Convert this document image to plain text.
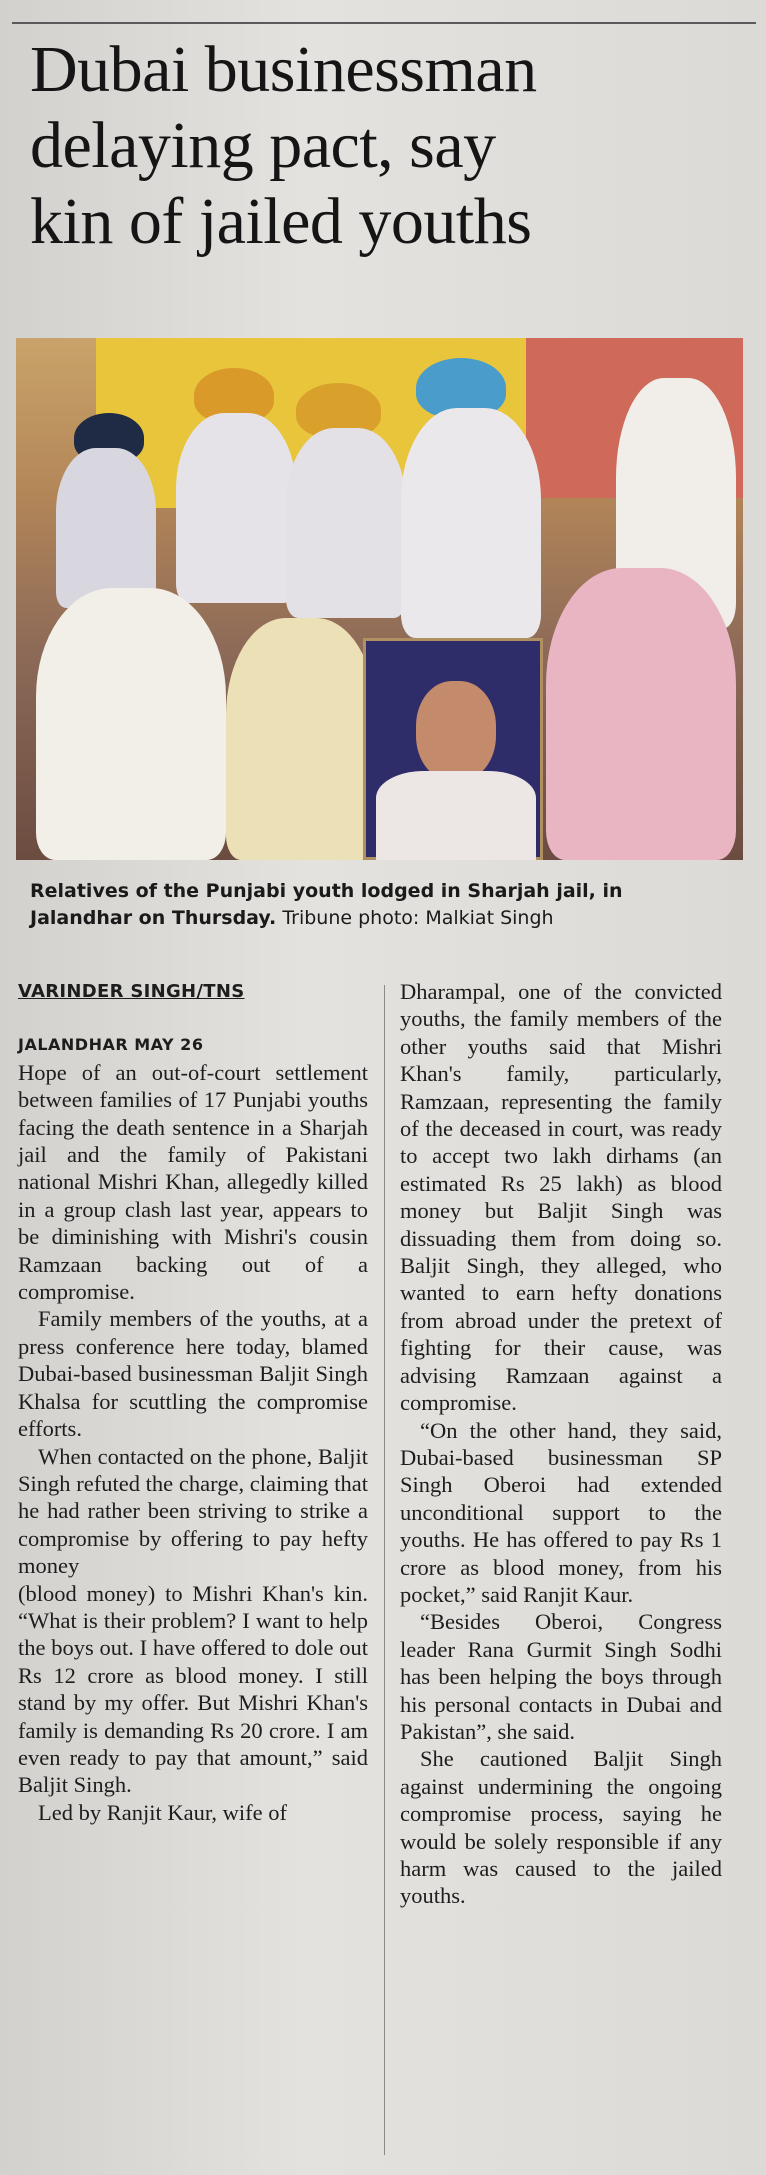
Dubai businessman
delaying pact, say
kin of jailed youths
Relatives of the Punjabi youth lodged in Sharjah jail, in Jalandhar on Thursday. Tribune photo: Malkiat Singh
VARINDER SINGH/TNS
JALANDHAR MAY 26

Hope of an out-of-court settlement between families of 17 Punjabi youths facing the death sentence in a Sharjah jail and the family of Pakistani national Mishri Khan, allegedly killed in a group clash last year, appears to be diminishing with Mishri's cousin Ramzaan backing out of a compromise.

Family members of the youths, at a press conference here today, blamed Dubai-based businessman Baljit Singh Khalsa for scuttling the compromise efforts.

When contacted on the phone, Baljit Singh refuted the charge, claiming that he had rather been striving to strike a compromise by offering to pay hefty money

(blood money) to Mishri Khan's kin. “What is their problem? I want to help the boys out. I have offered to dole out Rs 12 crore as blood money. I still stand by my offer. But Mishri Khan's family is demanding Rs 20 crore. I am even ready to pay that amount,” said Baljit Singh.

Led by Ranjit Kaur, wife of

Dharampal, one of the convicted youths, the family members of the other youths said that Mishri Khan's family, particularly, Ramzaan, representing the family of the deceased in court, was ready to accept two lakh dirhams (an estimated Rs 25 lakh) as blood money but Baljit Singh was dissuading them from doing so. Baljit Singh, they alleged, who wanted to earn hefty donations from abroad under the pretext of fighting for their cause, was advising Ramzaan against a compromise.

“On the other hand, they said, Dubai-based businessman SP Singh Oberoi had extended unconditional support to the youths. He has offered to pay Rs 1 crore as blood money, from his pocket,” said Ranjit Kaur.

“Besides Oberoi, Congress leader Rana Gurmit Singh Sodhi has been helping the boys through his personal contacts in Dubai and Pakistan”, she said.

She cautioned Baljit Singh against undermining the ongoing compromise process, saying he would be solely responsible if any harm was caused to the jailed youths.
